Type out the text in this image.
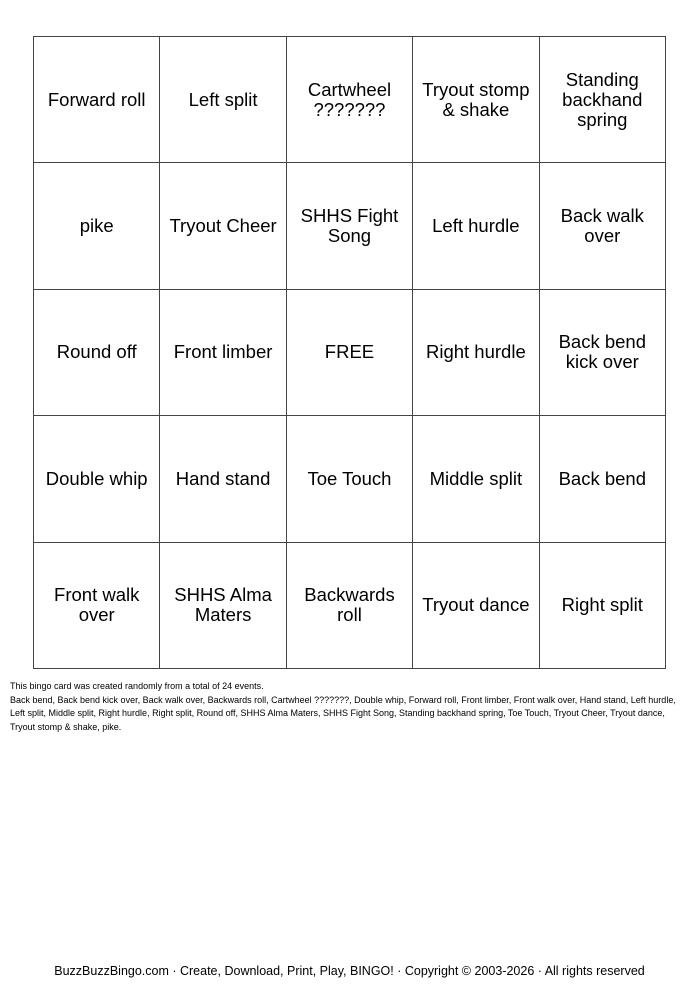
Forward roll	Left split	Cartwheel ???????	Tryout stomp & shake	Standing backhand spring
pike	Tryout Cheer	SHHS Fight Song	Left hurdle	Back walk over
Round off	Front limber	FREE	Right hurdle	Back bend kick over
Double whip	Hand stand	Toe Touch	Middle split	Back bend
Front walk over	SHHS Alma Maters	Backwards roll	Tryout dance	Right split

This bingo card was created randomly from a total of 24 events.

Back bend, Back bend kick over, Back walk over, Backwards roll, Cartwheel ???????, Double whip, Forward roll, Front limber, Front walk over, Hand stand, Left hurdle, Left split, Middle split, Right hurdle, Right split, Round off, SHHS Alma Maters, SHHS Fight Song, Standing backhand spring, Toe Touch, Tryout Cheer, Tryout dance, Tryout stomp & shake, pike.

BuzzBuzzBingo.com · Create, Download, Print, Play, BINGO! · Copyright © 2003-2026 · All rights reserved
